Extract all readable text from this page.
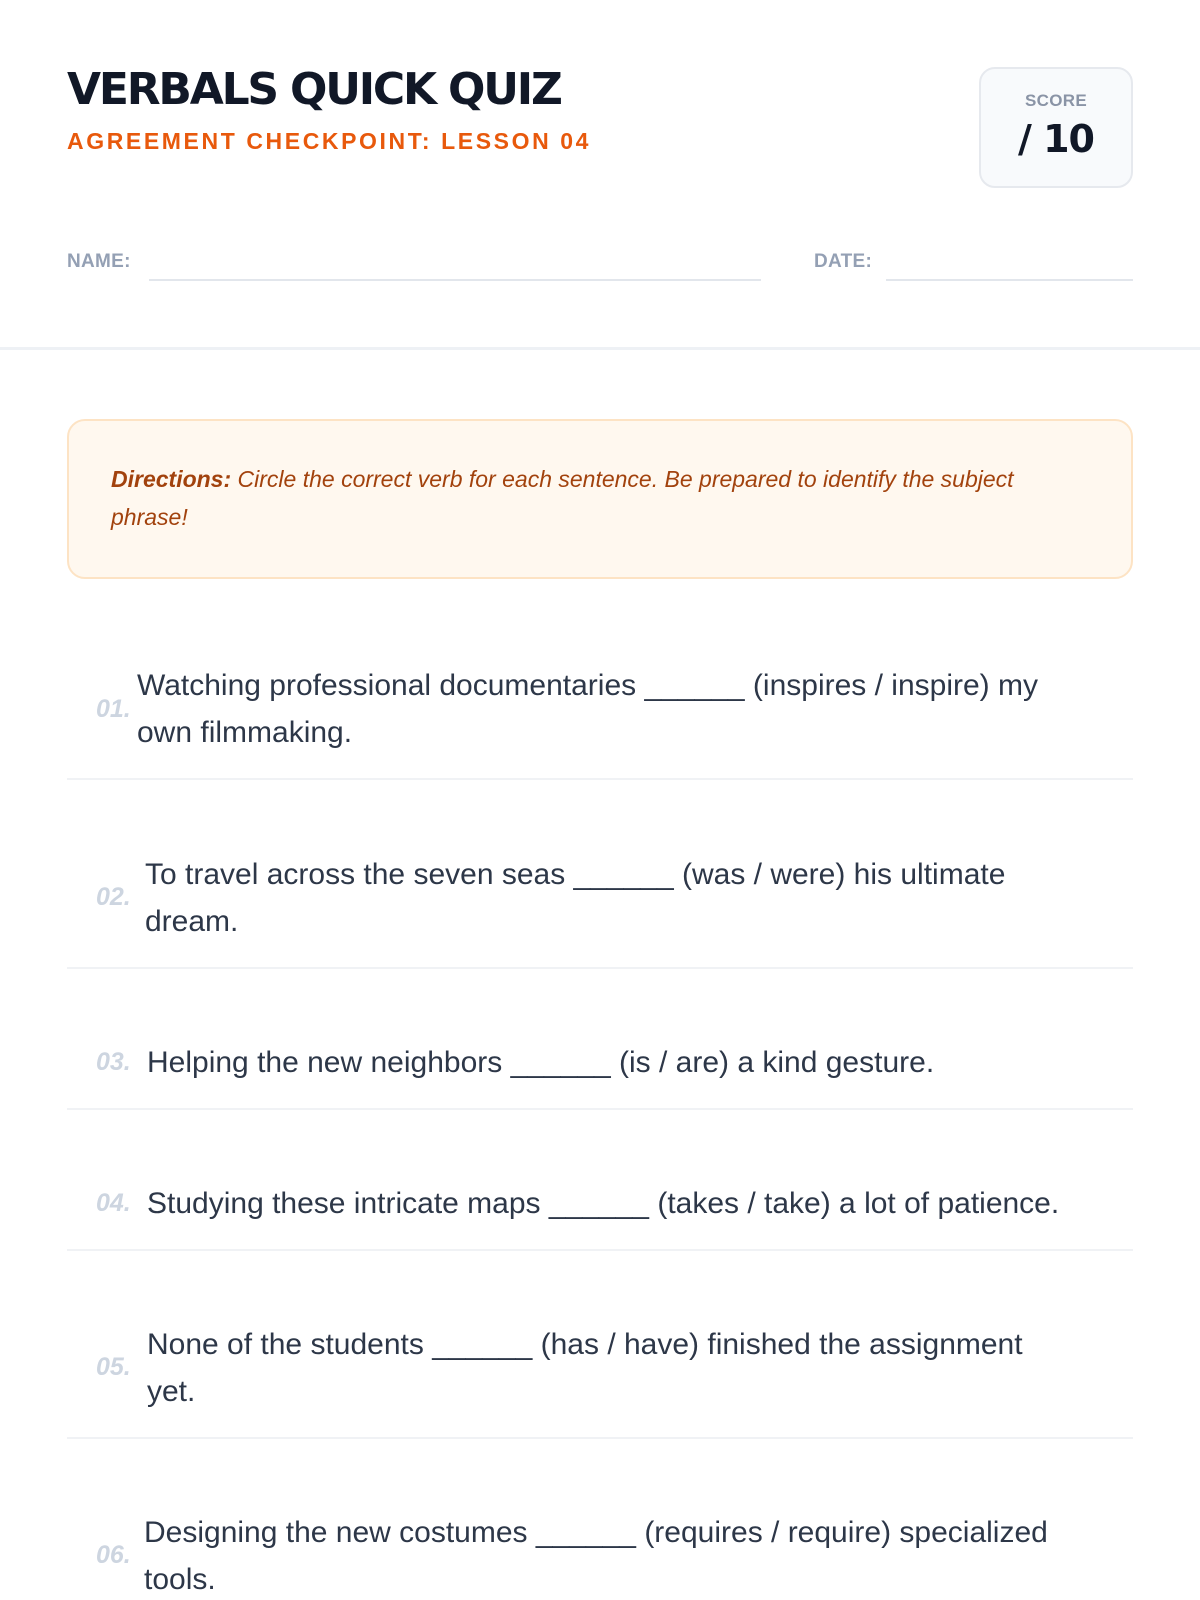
VERBALS QUICK QUIZ
AGREEMENT CHECKPOINT: LESSON 04
SCORE
/ 10
NAME:	DATE:
Directions: Circle the correct verb for each sentence. Be prepared to identify the subject phrase!
01.
Watching professional documentaries ______ (inspires / inspire) my own filmmaking.
02.
To travel across the seven seas ______ (was / were) his ultimate dream.
03. Helping the new neighbors ______ (is / are) a kind gesture.
04. Studying these intricate maps ______ (takes / take) a lot of patience.
05.
None of the students ______ (has / have) finished the assignment yet.
06.
Designing the new costumes ______ (requires / require) specialized tools.
